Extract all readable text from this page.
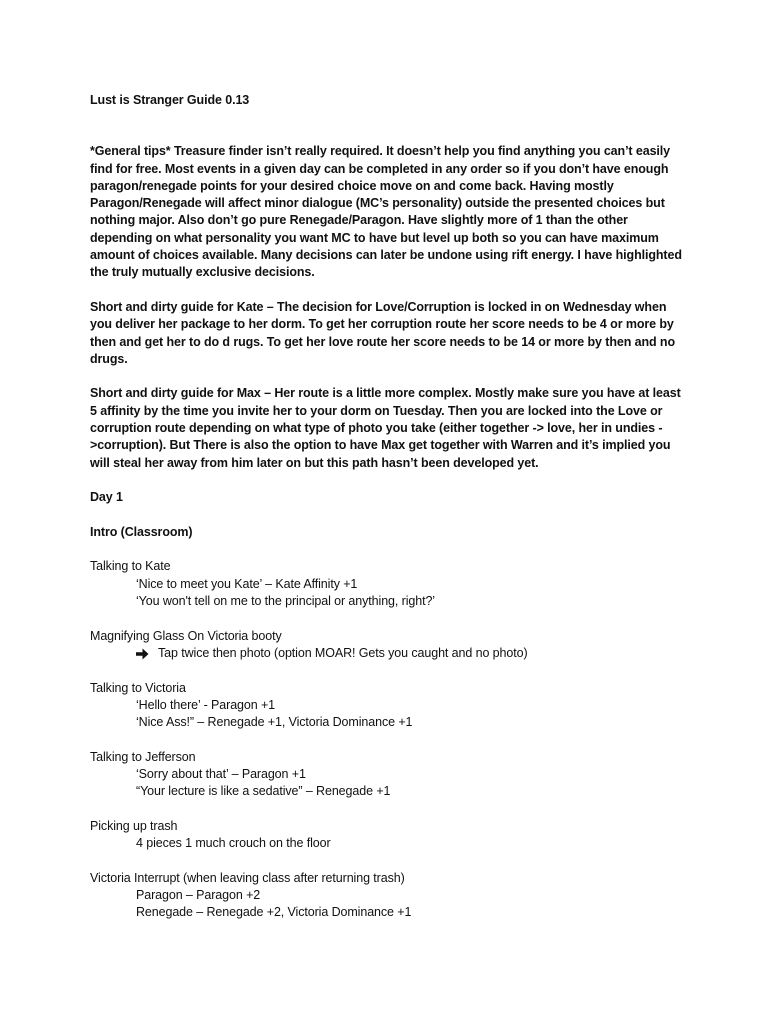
Lust is Stranger Guide 0.13

*General tips* Treasure finder isn’t really required. It doesn’t help you find anything you can’t easily find for free. Most events in a given day can be completed in any order so if you don’t have enough paragon/renegade points for your desired choice move on and come back. Having mostly Paragon/Renegade will affect minor dialogue (MC’s personality) outside the presented choices but nothing major. Also don’t go pure Renegade/Paragon. Have slightly more of 1 than the other depending on what personality you want MC to have but level up both so you can have maximum amount of choices available. Many decisions can later be undone using rift energy. I have highlighted the truly mutually exclusive decisions.

Short and dirty guide for Kate – The decision for Love/Corruption is locked in on Wednesday when you deliver her package to her dorm. To get her corruption route her score needs to be 4 or more by then and get her to do d rugs. To get her love route her score needs to be 14 or more by then and no drugs.

Short and dirty guide for Max – Her route is a little more complex. Mostly make sure you have at least 5 affinity by the time you invite her to your dorm on Tuesday. Then you are locked into the Love or corruption route depending on what type of photo you take (either together -> love, her in undies - >corruption). But There is also the option to have Max get together with Warren and it’s implied you will steal her away from him later on but this path hasn’t been developed yet.

Day 1

Intro (Classroom)

Talking to Kate

‘Nice to meet you Kate’ – Kate Affinity +1

‘You won't tell on me to the principal or anything, right?’

Magnifying Glass On Victoria booty

Tap twice then photo (option MOAR! Gets you caught and no photo)

Talking to Victoria

‘Hello there’ - Paragon +1

‘Nice Ass!” – Renegade +1, Victoria Dominance +1

Talking to Jefferson

‘Sorry about that’ – Paragon +1

“Your lecture is like a sedative” – Renegade +1

Picking up trash

4 pieces 1 much crouch on the floor

Victoria Interrupt (when leaving class after returning trash)

Paragon – Paragon +2

Renegade – Renegade +2, Victoria Dominance +1
